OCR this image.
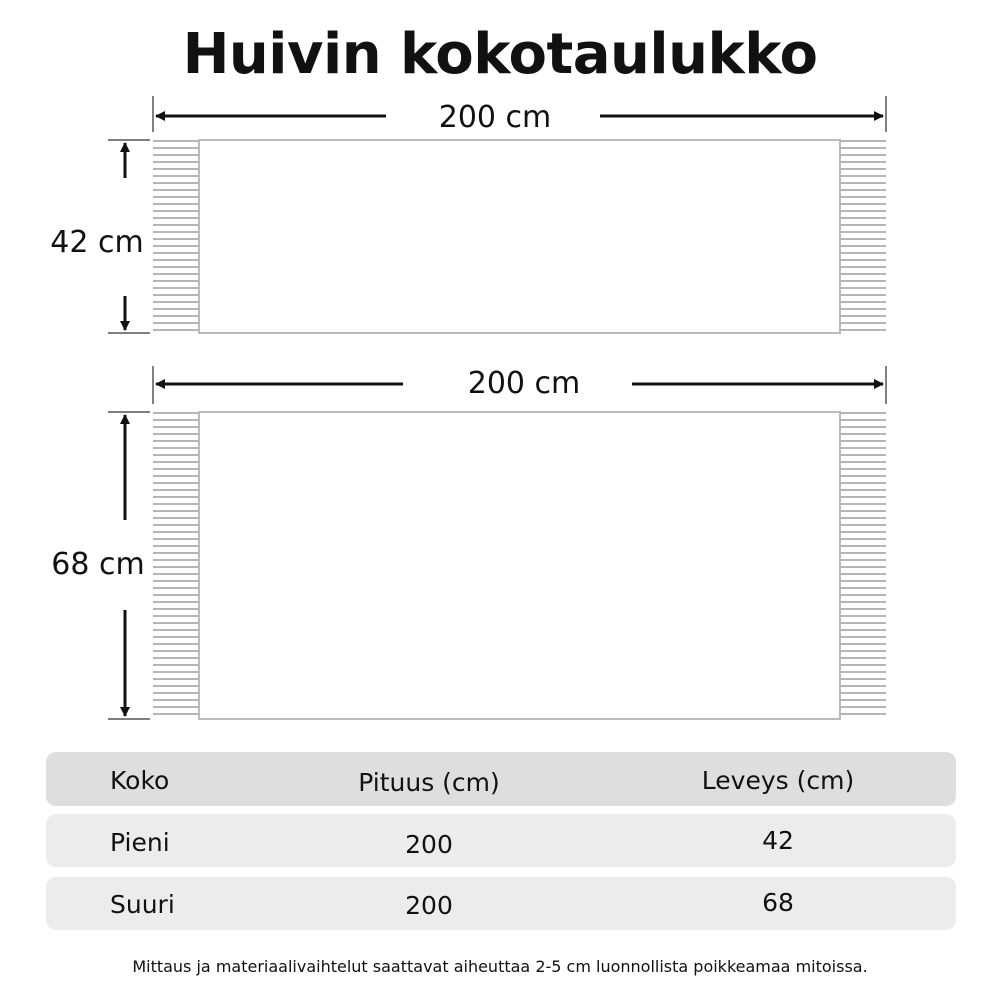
Huivin kokotaulukko
200 cm
42 cm
200 cm
68 cm
Koko	Pituus (cm)	Leveys (cm)
Pieni	200	42
Suuri	200	68
Mittaus ja materiaalivaihtelut saattavat aiheuttaa 2-5 cm luonnollista poikkeamaa mitoissa.
